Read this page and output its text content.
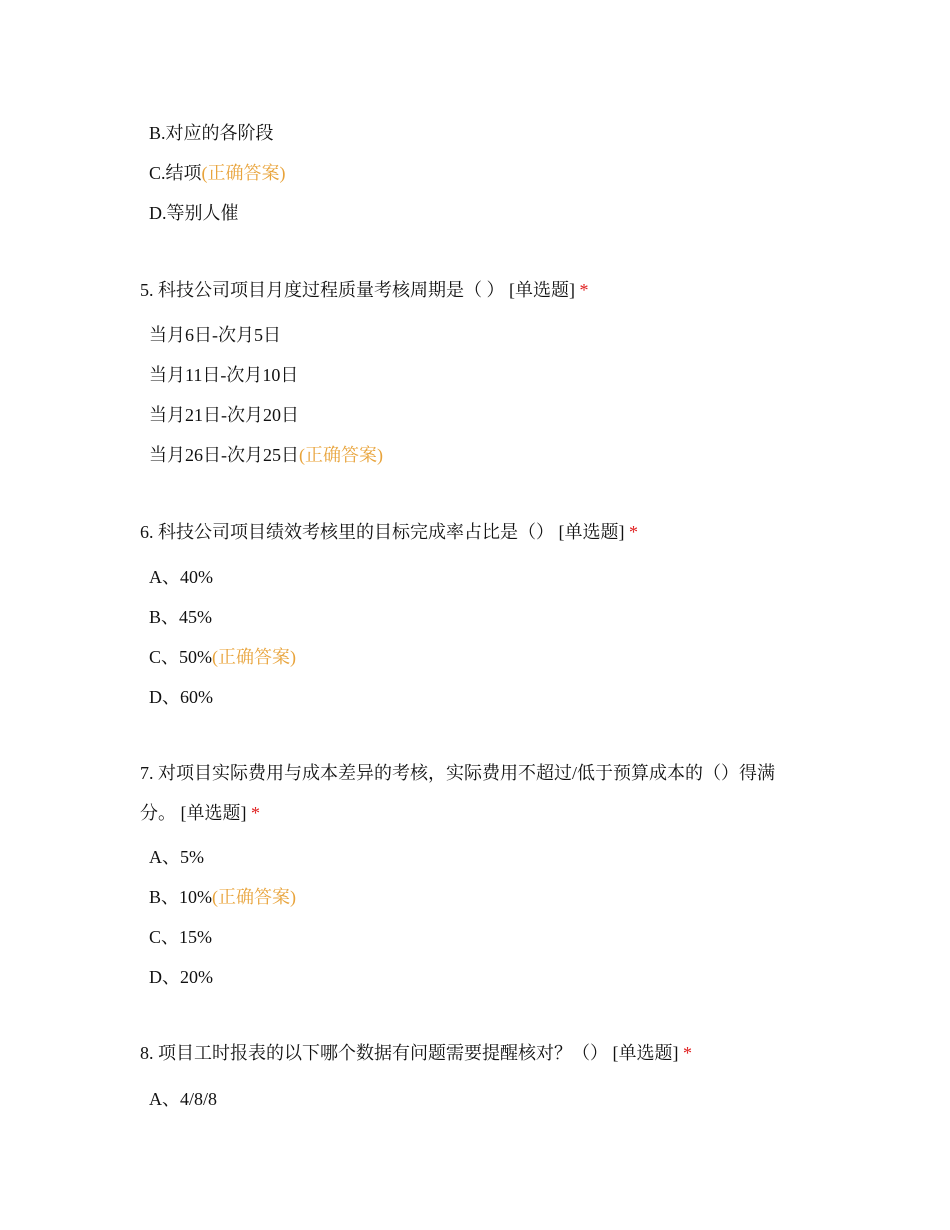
B.对应的各阶段
C.结项(正确答案)
D.等别人催
5. 科技公司项目月度过程质量考核周期是（ ） [单选题] *
当月6日-次月5日
当月11日-次月10日
当月21日-次月20日
当月26日-次月25日(正确答案)
6. 科技公司项目绩效考核里的目标完成率占比是（） [单选题] *
A、40%
B、45%
C、50%(正确答案)
D、60%
7. 对项目实际费用与成本差异的考核，实际费用不超过/低于预算成本的（）得满分。 [单选题] *
A、5%
B、10%(正确答案)
C、15%
D、20%
8. 项目工时报表的以下哪个数据有问题需要提醒核对？（） [单选题] *
A、4/8/8
